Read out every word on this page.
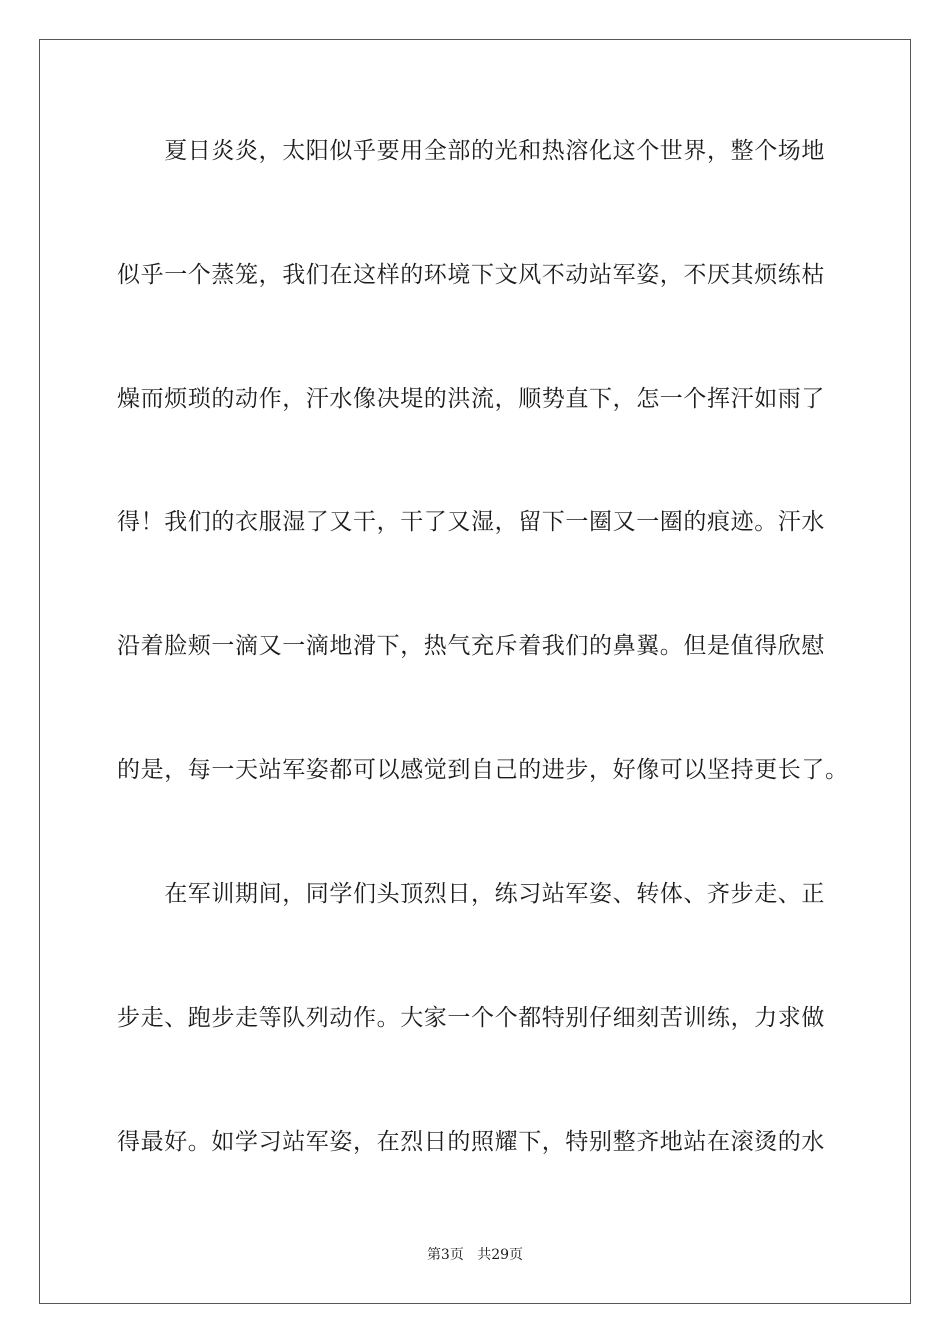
　　夏日炎炎，太阳似乎要用全部的光和热溶化这个世界，整个场地
似乎一个蒸笼，我们在这样的环境下文风不动站军姿，不厌其烦练枯
燥而烦琐的动作，汗水像决堤的洪流，顺势直下，怎一个挥汗如雨了
得！我们的衣服湿了又干，干了又湿，留下一圈又一圈的痕迹。汗水
沿着脸颊一滴又一滴地滑下，热气充斥着我们的鼻翼。但是值得欣慰
的是，每一天站军姿都可以感觉到自己的进步，好像可以坚持更长了。
　　在军训期间，同学们头顶烈日，练习站军姿、转体、齐步走、正
步走、跑步走等队列动作。大家一个个都特别仔细刻苦训练，力求做
得最好。如学习站军姿，在烈日的照耀下，特别整齐地站在滚烫的水
第3页 共29页
